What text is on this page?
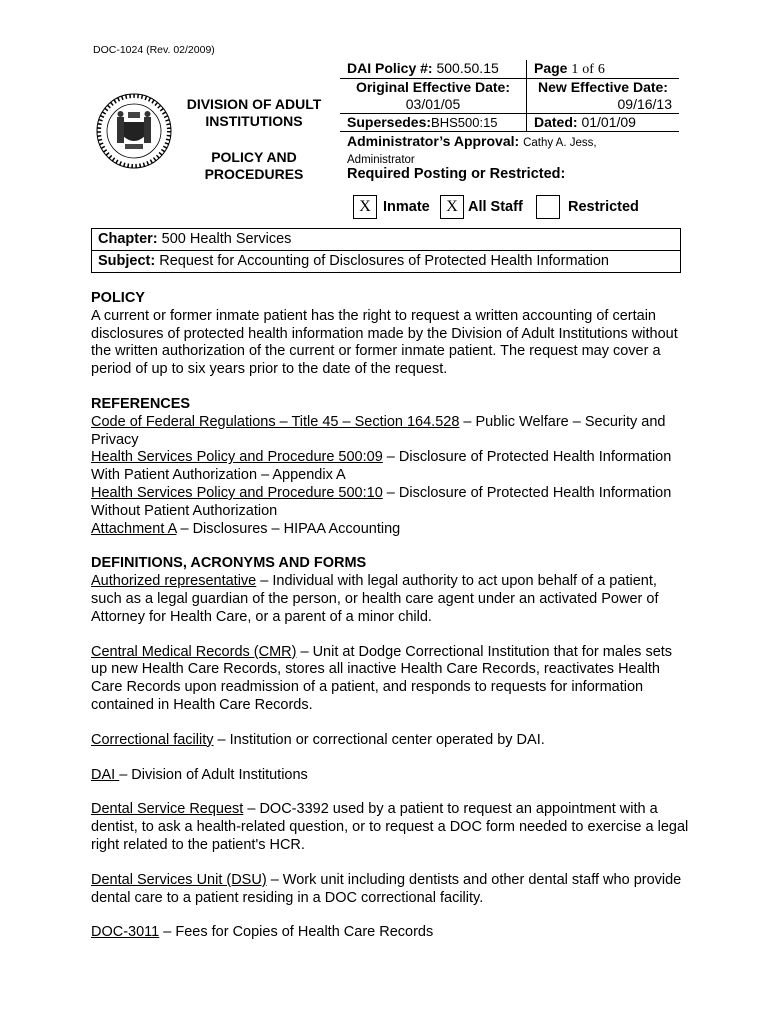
DOC-1024 (Rev. 02/2009)
DIVISION OF ADULT
INSTITUTIONS
POLICY AND
PROCEDURES
DAI Policy #: 500.50.15	Page 1 of 6
Original Effective Date:	New Effective Date:
03/01/05	09/16/13
Supersedes:BHS500:15	Dated: 01/01/09
Administrator’s Approval: Cathy A. Jess,
Administrator
Required Posting or Restricted:
X Inmate	X All Staff	Restricted
Chapter: 500 Health Services
Subject: Request for Accounting of Disclosures of Protected Health Information
POLICY

A current or former inmate patient has the right to request a written accounting of certain disclosures of protected health information made by the Division of Adult Institutions without the written authorization of the current or former inmate patient. The request may cover a period of up to six years prior to the date of the request.

REFERENCES

Code of Federal Regulations – Title 45 – Section 164.528 – Public Welfare – Security and Privacy

Health Services Policy and Procedure 500:09 – Disclosure of Protected Health Information With Patient Authorization – Appendix A

Health Services Policy and Procedure 500:10 – Disclosure of Protected Health Information Without Patient Authorization

Attachment A – Disclosures – HIPAA Accounting

DEFINITIONS, ACRONYMS AND FORMS

Authorized representative – Individual with legal authority to act upon behalf of a patient, such as a legal guardian of the person, or health care agent under an activated Power of Attorney for Health Care, or a parent of a minor child.

Central Medical Records (CMR) – Unit at Dodge Correctional Institution that for males sets up new Health Care Records, stores all inactive Health Care Records, reactivates Health Care Records upon readmission of a patient, and responds to requests for information contained in Health Care Records.

Correctional facility – Institution or correctional center operated by DAI.

DAI – Division of Adult Institutions

Dental Service Request – DOC-3392 used by a patient to request an appointment with a dentist, to ask a health-related question, or to request a DOC form needed to exercise a legal right related to the patient's HCR.

Dental Services Unit (DSU) – Work unit including dentists and other dental staff who provide dental care to a patient residing in a DOC correctional facility.

DOC-3011 – Fees for Copies of Health Care Records
